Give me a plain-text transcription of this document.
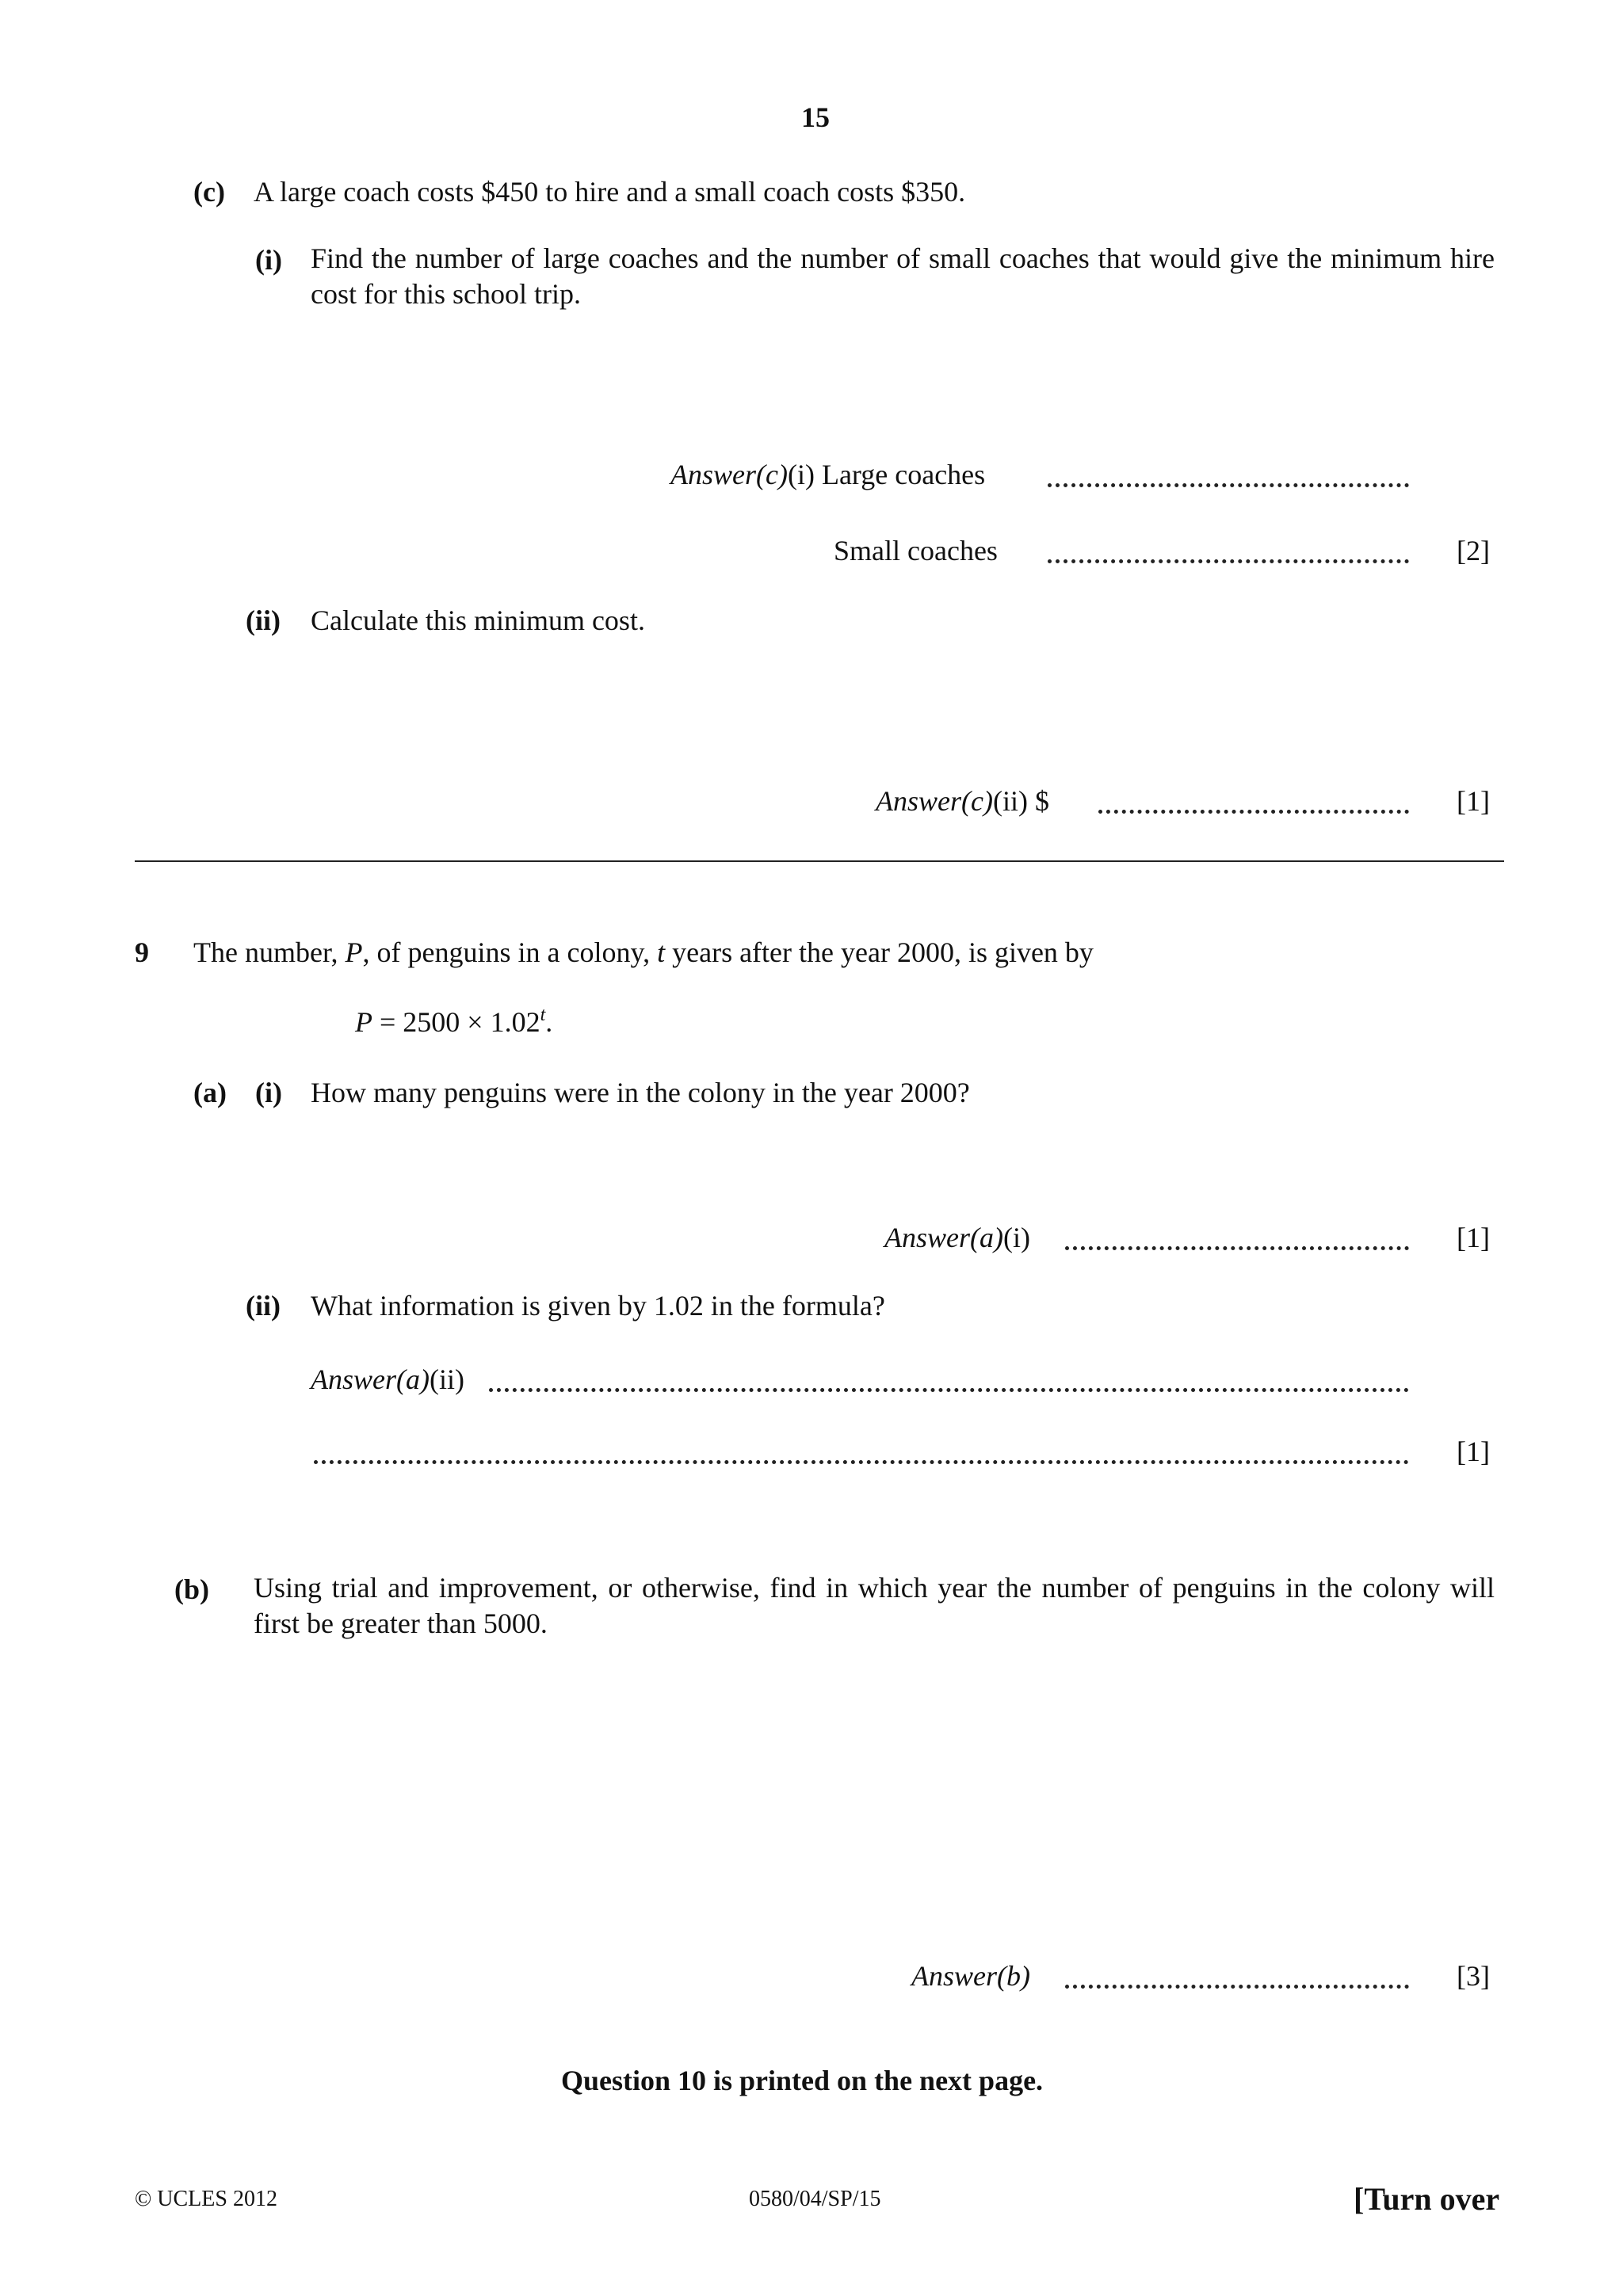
15
(c) A large coach costs $450 to hire and a small coach costs $350.
(i) Find the number of large coaches and the number of small coaches that would give the minimum hire cost for this school trip.
Answer(c)(i) Large coaches
Small coaches	[2]
(ii) Calculate this minimum cost.
Answer(c)(ii) $	[1]
9 The number, P, of penguins in a colony, t years after the year 2000, is given by
$P = 2500 \times 1.02^t$.
(a) (i) How many penguins were in the colony in the year 2000?
Answer(a)(i)	[1]
(ii) What information is given by 1.02 in the formula?
Answer(a)(ii)
[1]
(b) Using trial and improvement, or otherwise, find in which year the number of penguins in the colony will first be greater than 5000.
Answer(b)	[3]
Question 10 is printed on the next page.
© UCLES 2012	0580/04/SP/15	[Turn over
